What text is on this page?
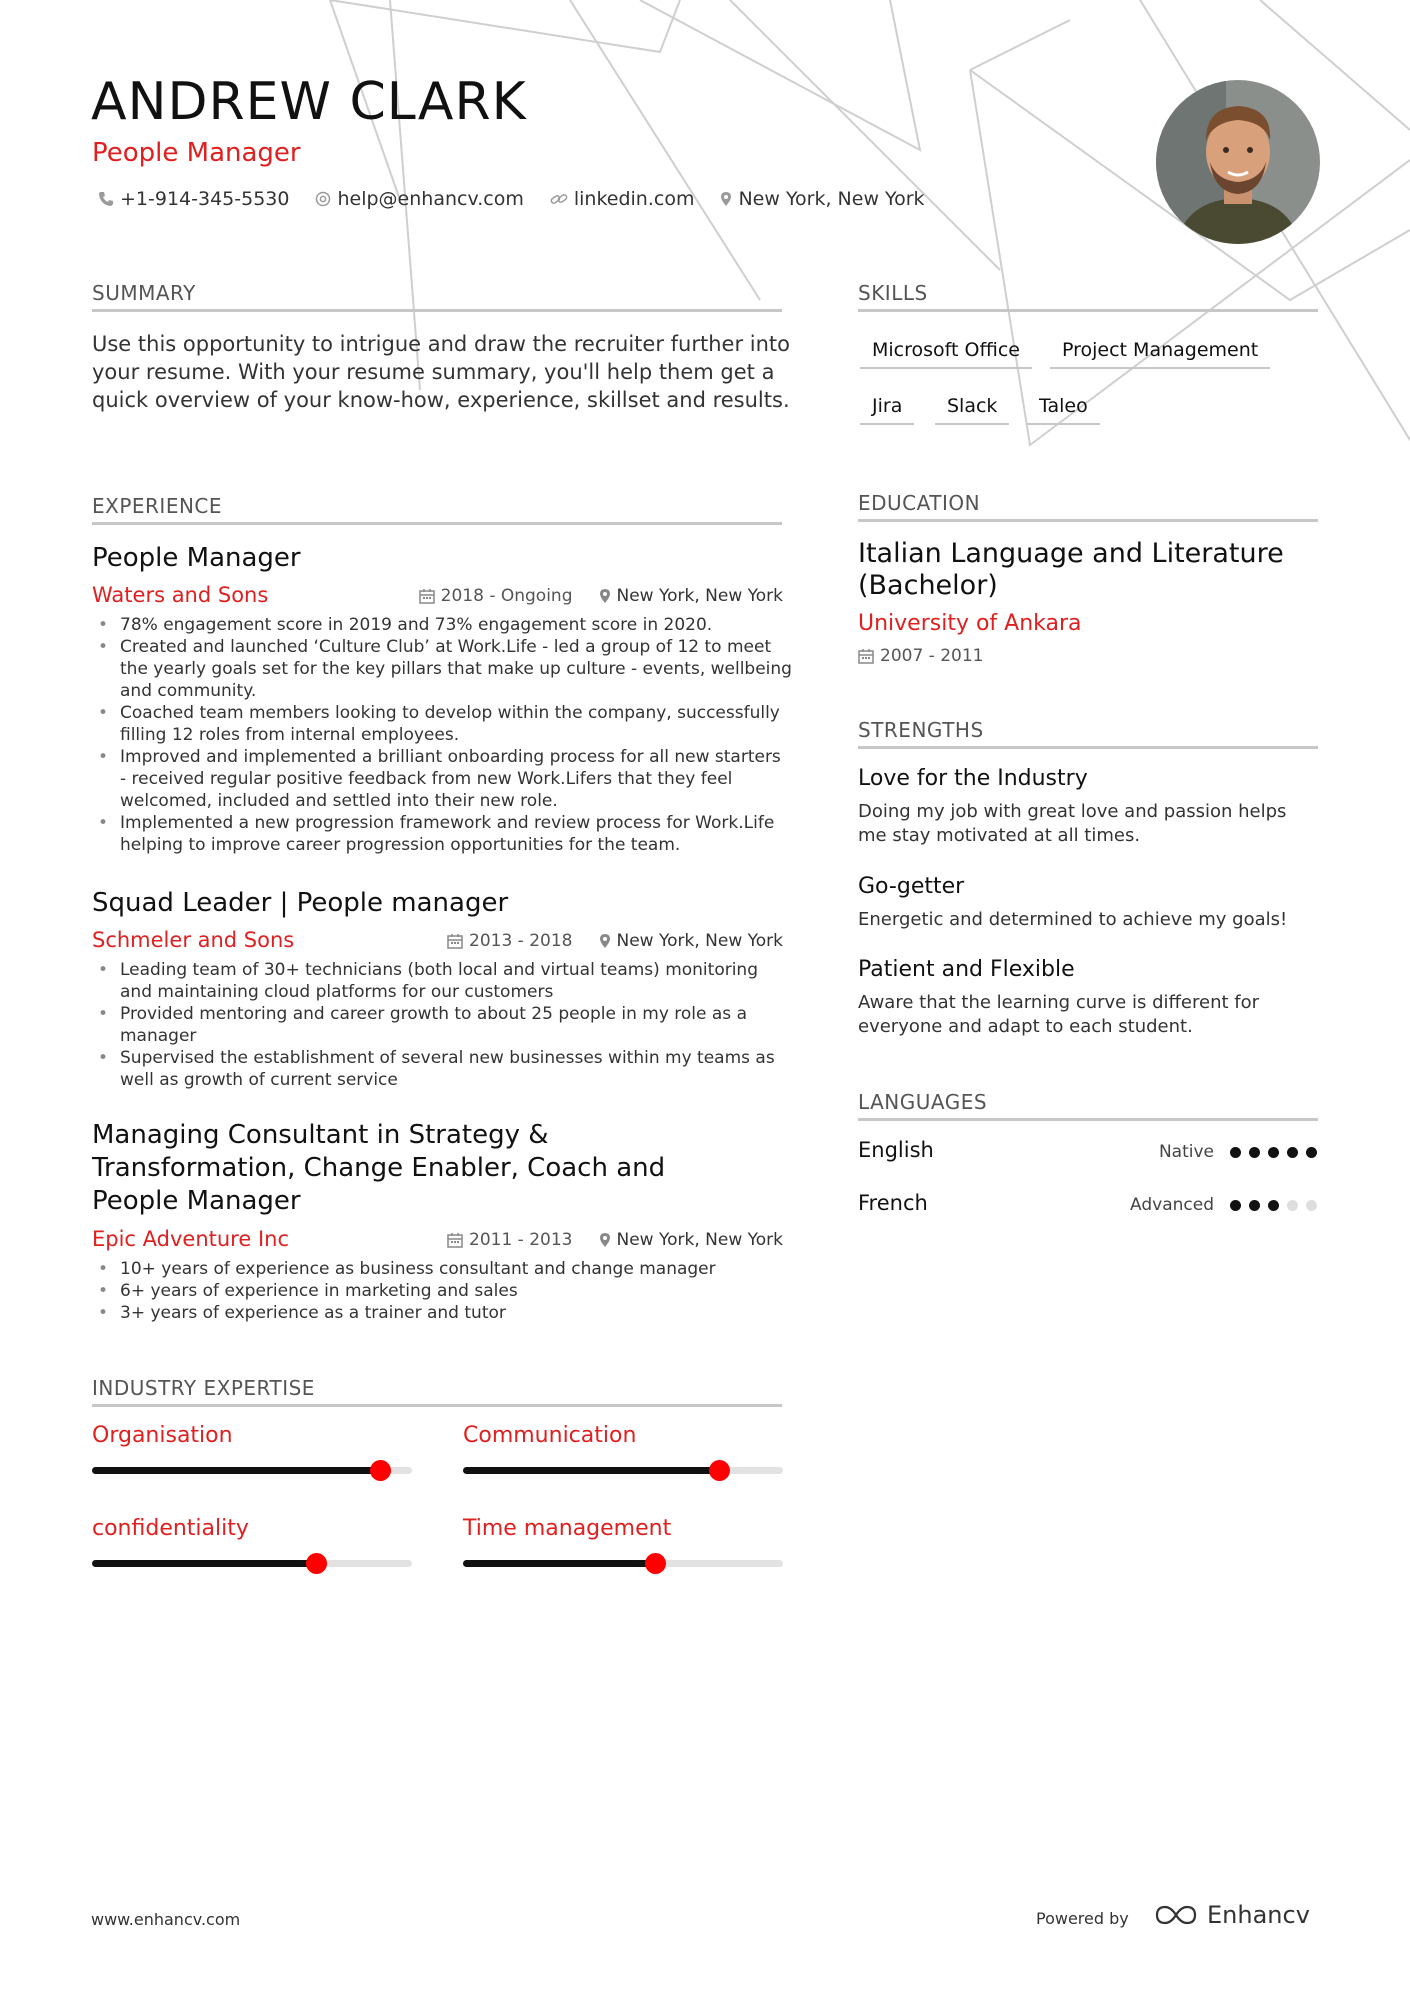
ANDREW CLARK
People Manager
+1-914-345-5530	help@enhancv.com	linkedin.com New York, New York
SUMMARY
Use this opportunity to intrigue and draw the recruiter further into your resume. With your resume summary, you'll help them get a quick overview of your know-how, experience, skillset and results.
EXPERIENCE
People Manager
Waters and Sons	2018 - Ongoing	New York, New York
• 78% engagement score in 2019 and 73% engagement score in 2020.
• Created and launched ‘Culture Club’ at Work.Life - led a group of 12 to meet the yearly goals set for the key pillars that make up culture - events, wellbeing and community.
• Coached team members looking to develop within the company, successfully filling 12 roles from internal employees.
• Improved and implemented a brilliant onboarding process for all new starters - received regular positive feedback from new Work.Lifers that they feel welcomed, included and settled into their new role.
• Implemented a new progression framework and review process for Work.Life helping to improve career progression opportunities for the team.
Squad Leader | People manager
Schmeler and Sons	2013 - 2018	New York, New York
• Leading team of 30+ technicians (both local and virtual teams) monitoring and maintaining cloud platforms for our customers
• Provided mentoring and career growth to about 25 people in my role as a manager
• Supervised the establishment of several new businesses within my teams as well as growth of current service
Managing Consultant in Strategy & Transformation, Change Enabler, Coach and People Manager
Epic Adventure Inc	2011 - 2013	New York, New York
• 10+ years of experience as business consultant and change manager
• 6+ years of experience in marketing and sales
• 3+ years of experience as a trainer and tutor
INDUSTRY EXPERTISE
Organisation	Communication
confidentiality	Time management
SKILLS
Microsoft Office	Project Management
Jira	Slack	Taleo
EDUCATION
Italian Language and Literature (Bachelor)
University of Ankara
2007 - 2011
STRENGTHS
Love for the Industry
Doing my job with great love and passion helps me stay motivated at all times.
Go-getter
Energetic and determined to achieve my goals!
Patient and Flexible
Aware that the learning curve is different for everyone and adapt to each student.
LANGUAGES
English	Native
French	Advanced
www.enhancv.com	Powered by	Enhancv
